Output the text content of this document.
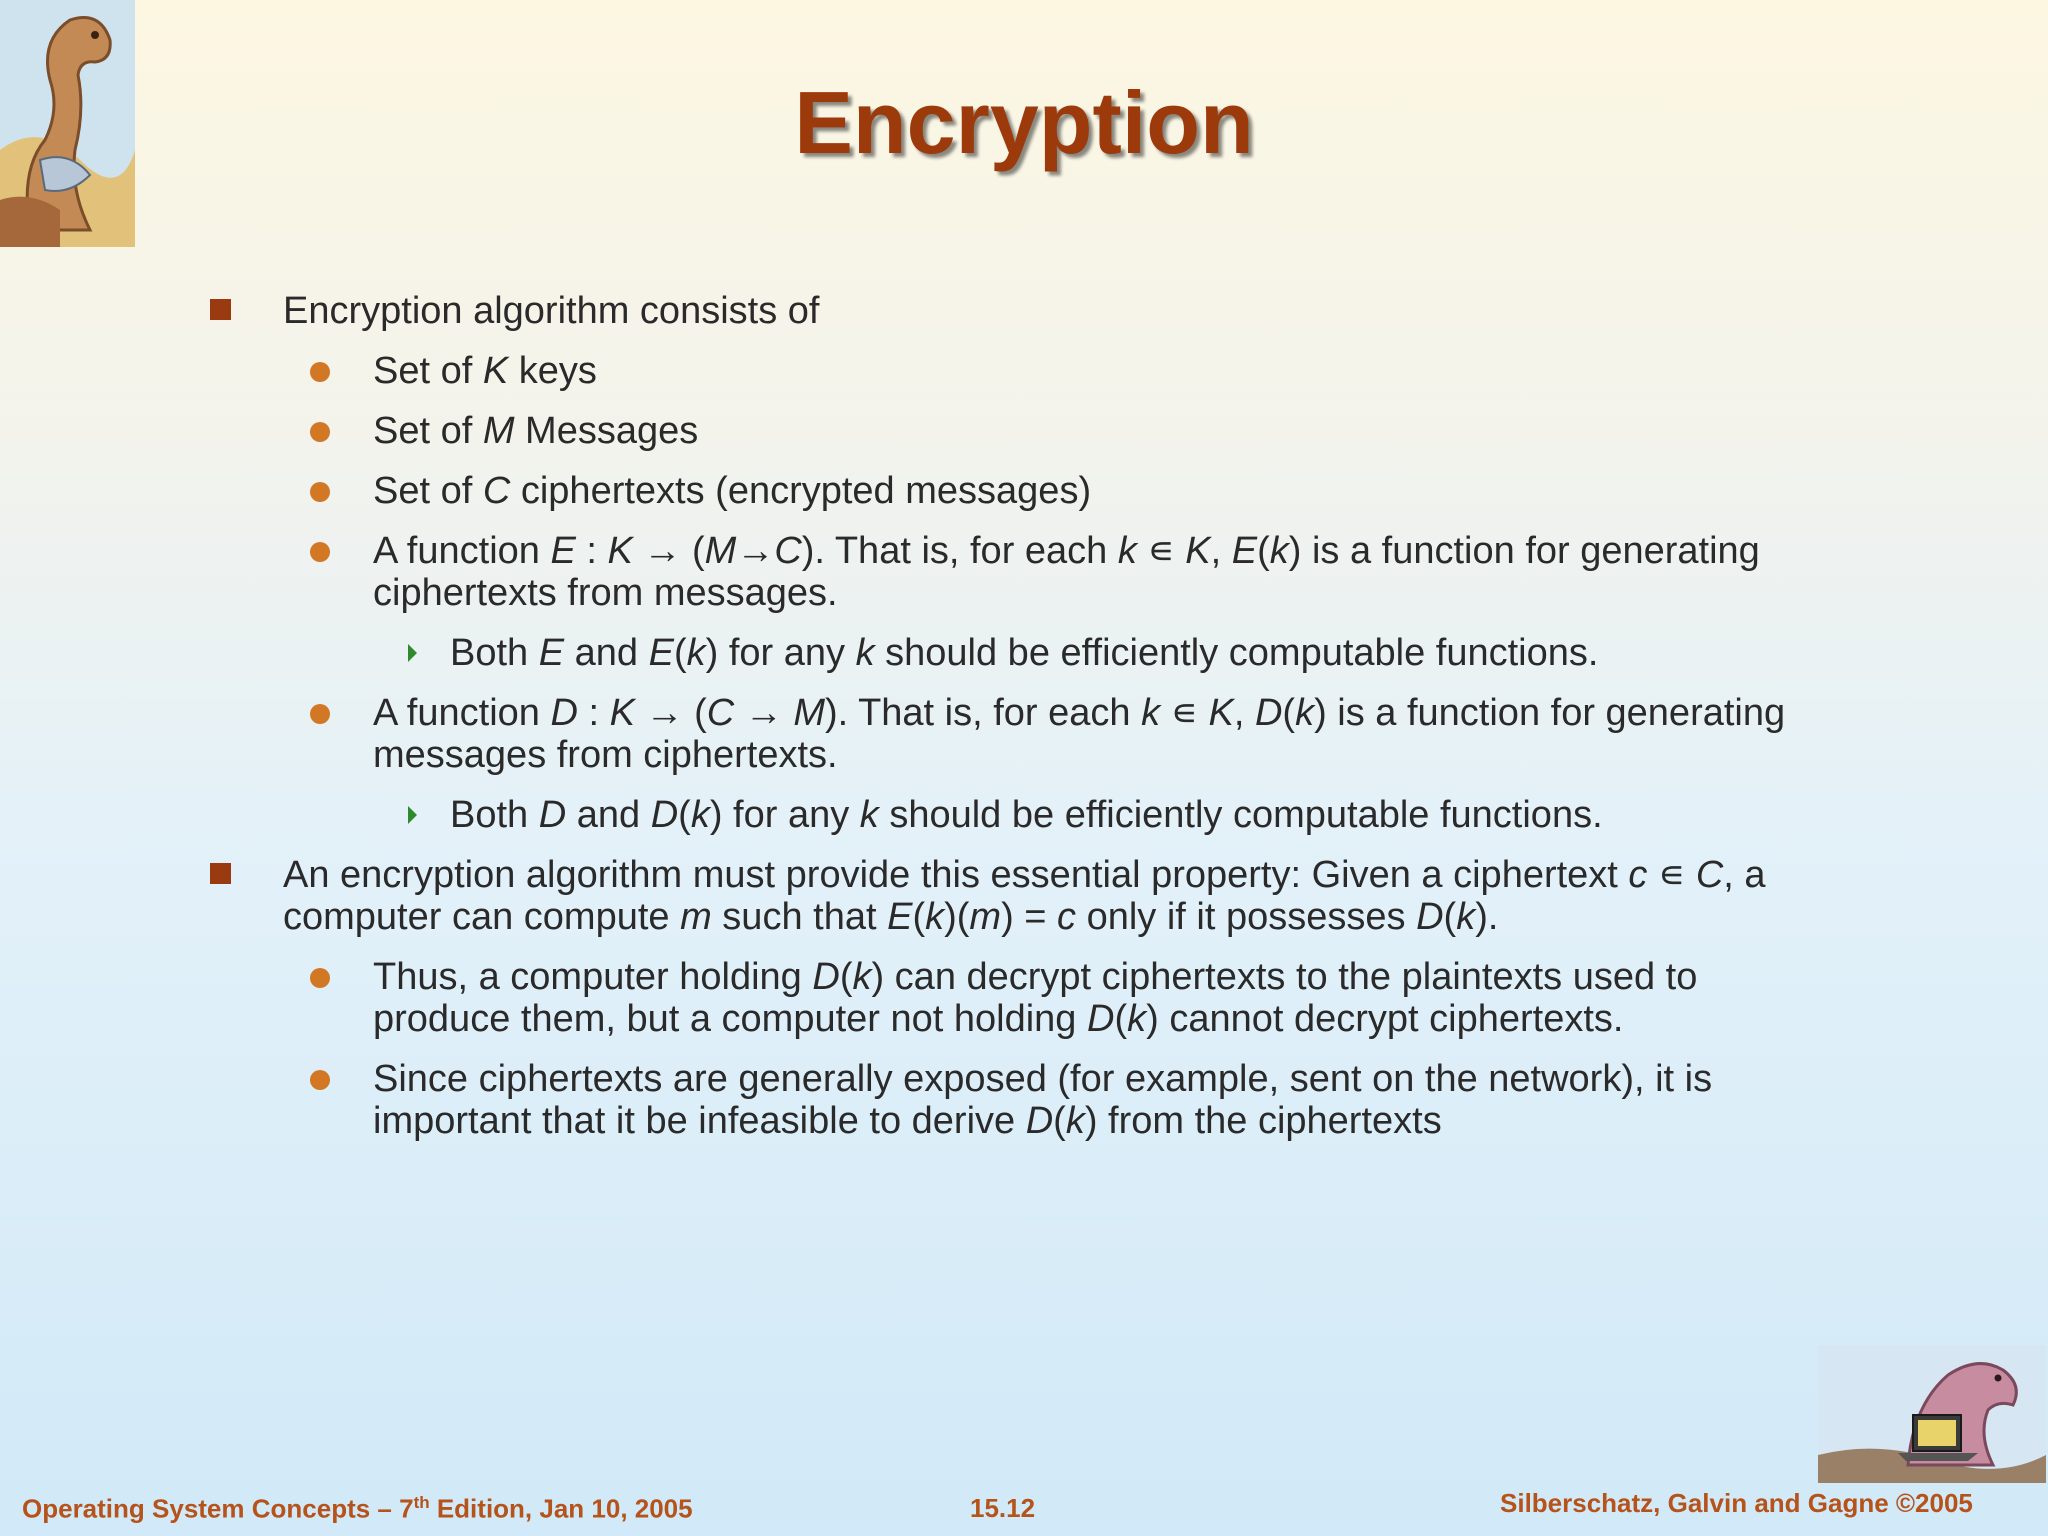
Encryption
Encryption algorithm consists of
Set of K keys
Set of M Messages
Set of C ciphertexts (encrypted messages)
A function E : K → (M→C). That is, for each k ∊ K, E(k) is a function for generating ciphertexts from messages.
Both E and E(k) for any k should be efficiently computable functions.
A function D : K → (C → M). That is, for each k ∊ K, D(k) is a function for generating messages from ciphertexts.
Both D and D(k) for any k should be efficiently computable functions.
An encryption algorithm must provide this essential property: Given a ciphertext c ∊ C, a computer can compute m such that E(k)(m) = c only if it possesses D(k).
Thus, a computer holding D(k) can decrypt ciphertexts to the plaintexts used to produce them, but a computer not holding D(k) cannot decrypt ciphertexts.
Since ciphertexts are generally exposed (for example, sent on the network), it is important that it be infeasible to derive D(k) from the ciphertexts
Operating System Concepts – 7th Edition, Jan 10, 2005	15.12	Silberschatz, Galvin and Gagne ©2005
